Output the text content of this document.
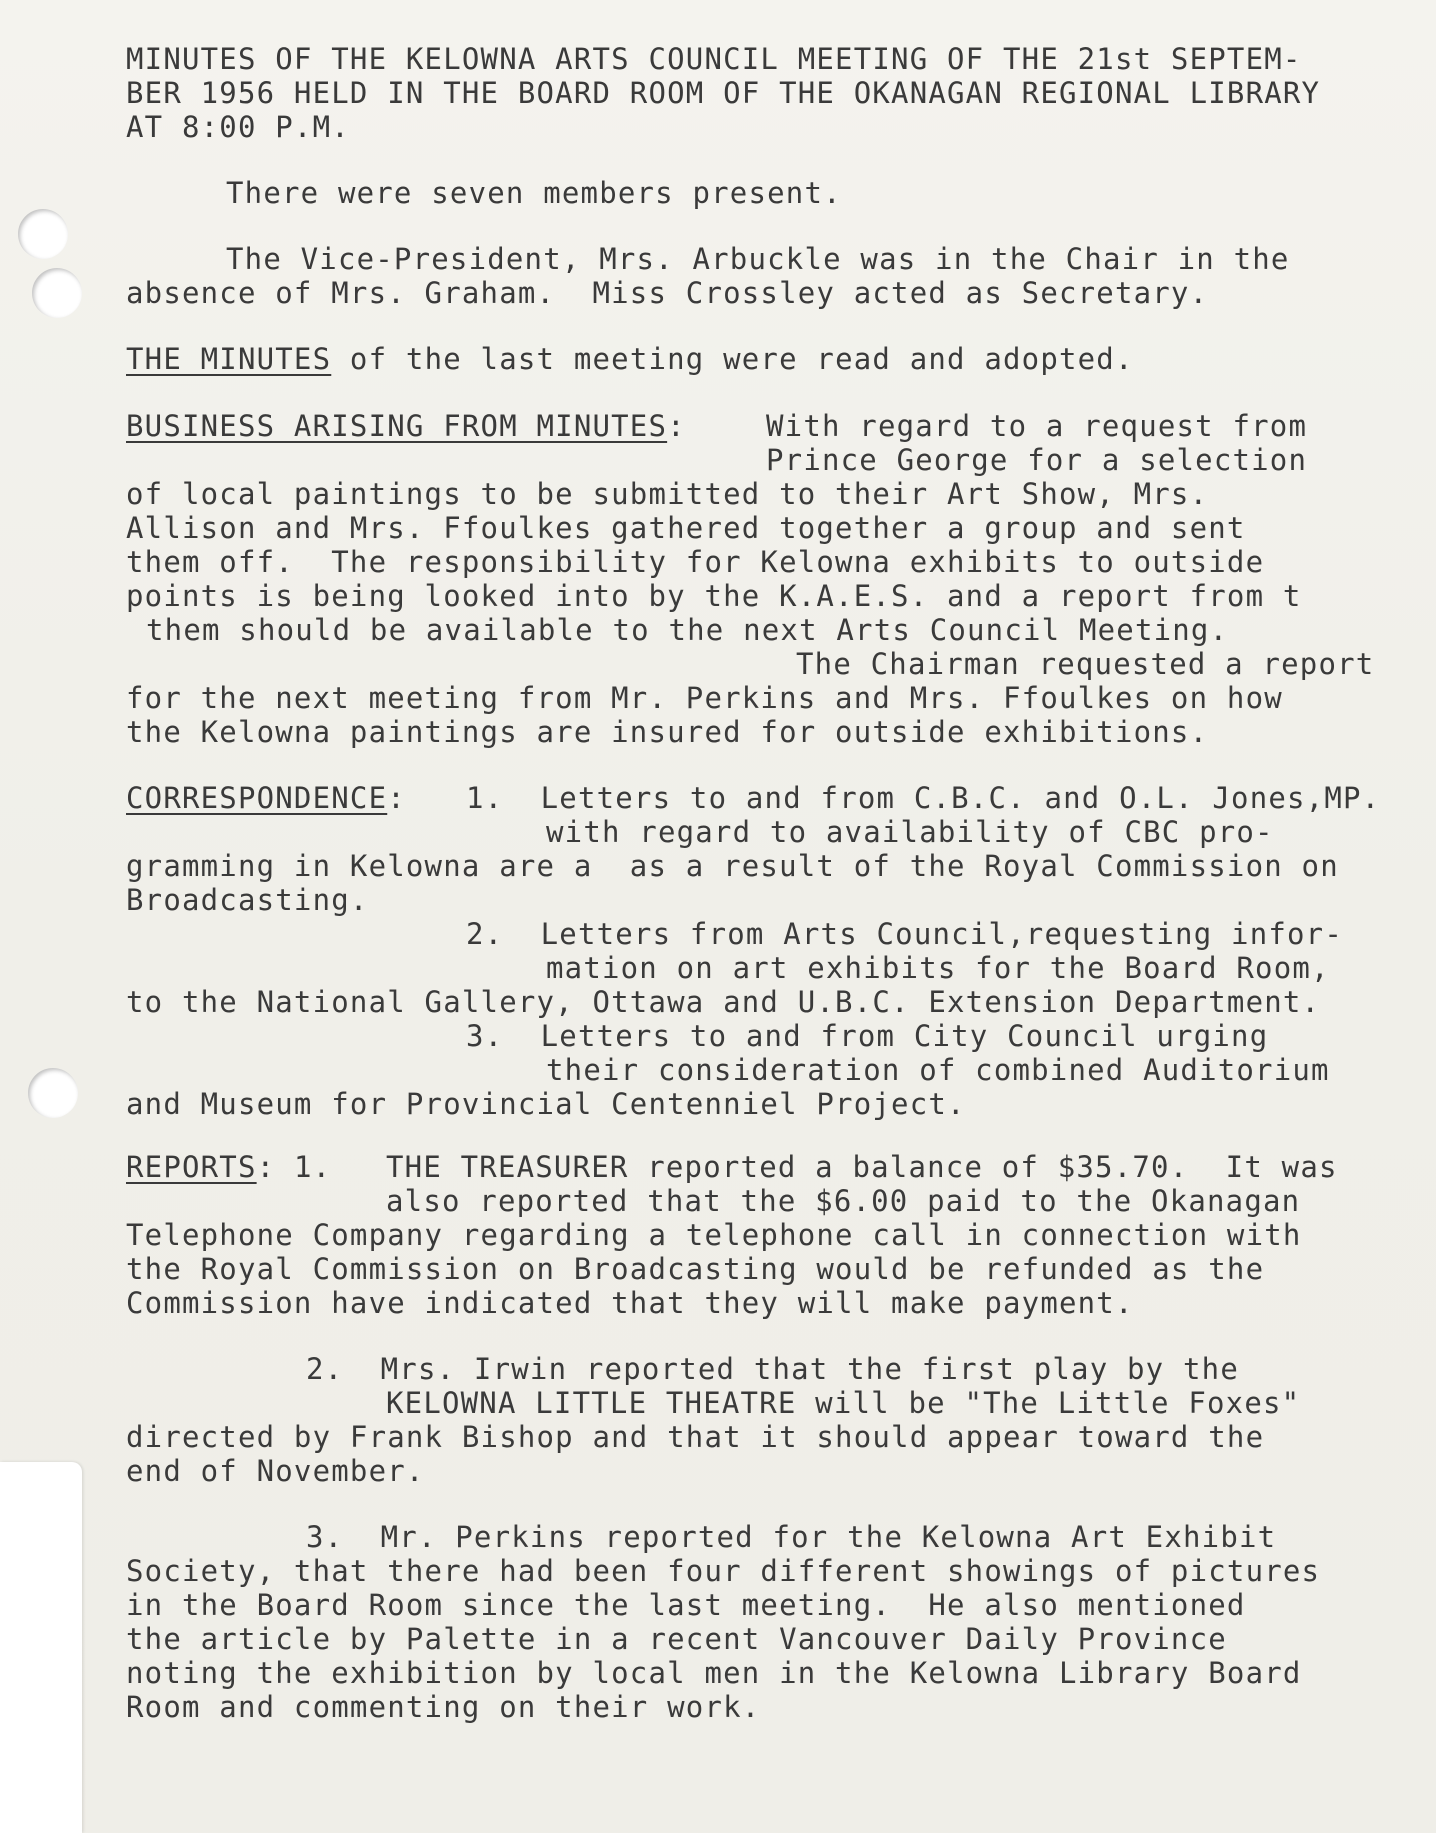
MINUTES OF THE KELOWNA ARTS COUNCIL MEETING OF THE 21st SEPTEM-
BER 1956 HELD IN THE BOARD ROOM OF THE OKANAGAN REGIONAL LIBRARY
AT 8:00 P.M.
There were seven members present.
The Vice-President, Mrs. Arbuckle was in the Chair in the
absence of Mrs. Graham.  Miss Crossley acted as Secretary.
THE MINUTES of the last meeting were read and adopted.
BUSINESS ARISING FROM MINUTES:	With regard to a request from
Prince George for a selection
of local paintings to be submitted to their Art Show, Mrs.
Allison and Mrs. Ffoulkes gathered together a group and sent
them off.  The responsibility for Kelowna exhibits to outside
points is being looked into by the K.A.E.S. and a report from t
them should be available to the next Arts Council Meeting.
The Chairman requested a report
for the next meeting from Mr. Perkins and Mrs. Ffoulkes on how
the Kelowna paintings are insured for outside exhibitions.
CORRESPONDENCE: 1.  Letters to and from C.B.C. and O.L. Jones,MP.
with regard to availability of CBC pro-
gramming in Kelowna are a  as a result of the Royal Commission on
Broadcasting.
2.  Letters from Arts Council,requesting infor-
mation on art exhibits for the Board Room,
to the National Gallery, Ottawa and U.B.C. Extension Department.
3.  Letters to and from City Council urging
their consideration of combined Auditorium
and Museum for Provincial Centenniel Project.
REPORTS: 1. THE TREASURER reported a balance of $35.70.  It was
also reported that the $6.00 paid to the Okanagan
Telephone Company regarding a telephone call in connection with
the Royal Commission on Broadcasting would be refunded as the
Commission have indicated that they will make payment.
2.  Mrs. Irwin reported that the first play by the
KELOWNA LITTLE THEATRE will be "The Little Foxes"
directed by Frank Bishop and that it should appear toward the
end of November.
3.  Mr. Perkins reported for the Kelowna Art Exhibit
Society, that there had been four different showings of pictures
in the Board Room since the last meeting.  He also mentioned
the article by Palette in a recent Vancouver Daily Province
noting the exhibition by local men in the Kelowna Library Board
Room and commenting on their work.
